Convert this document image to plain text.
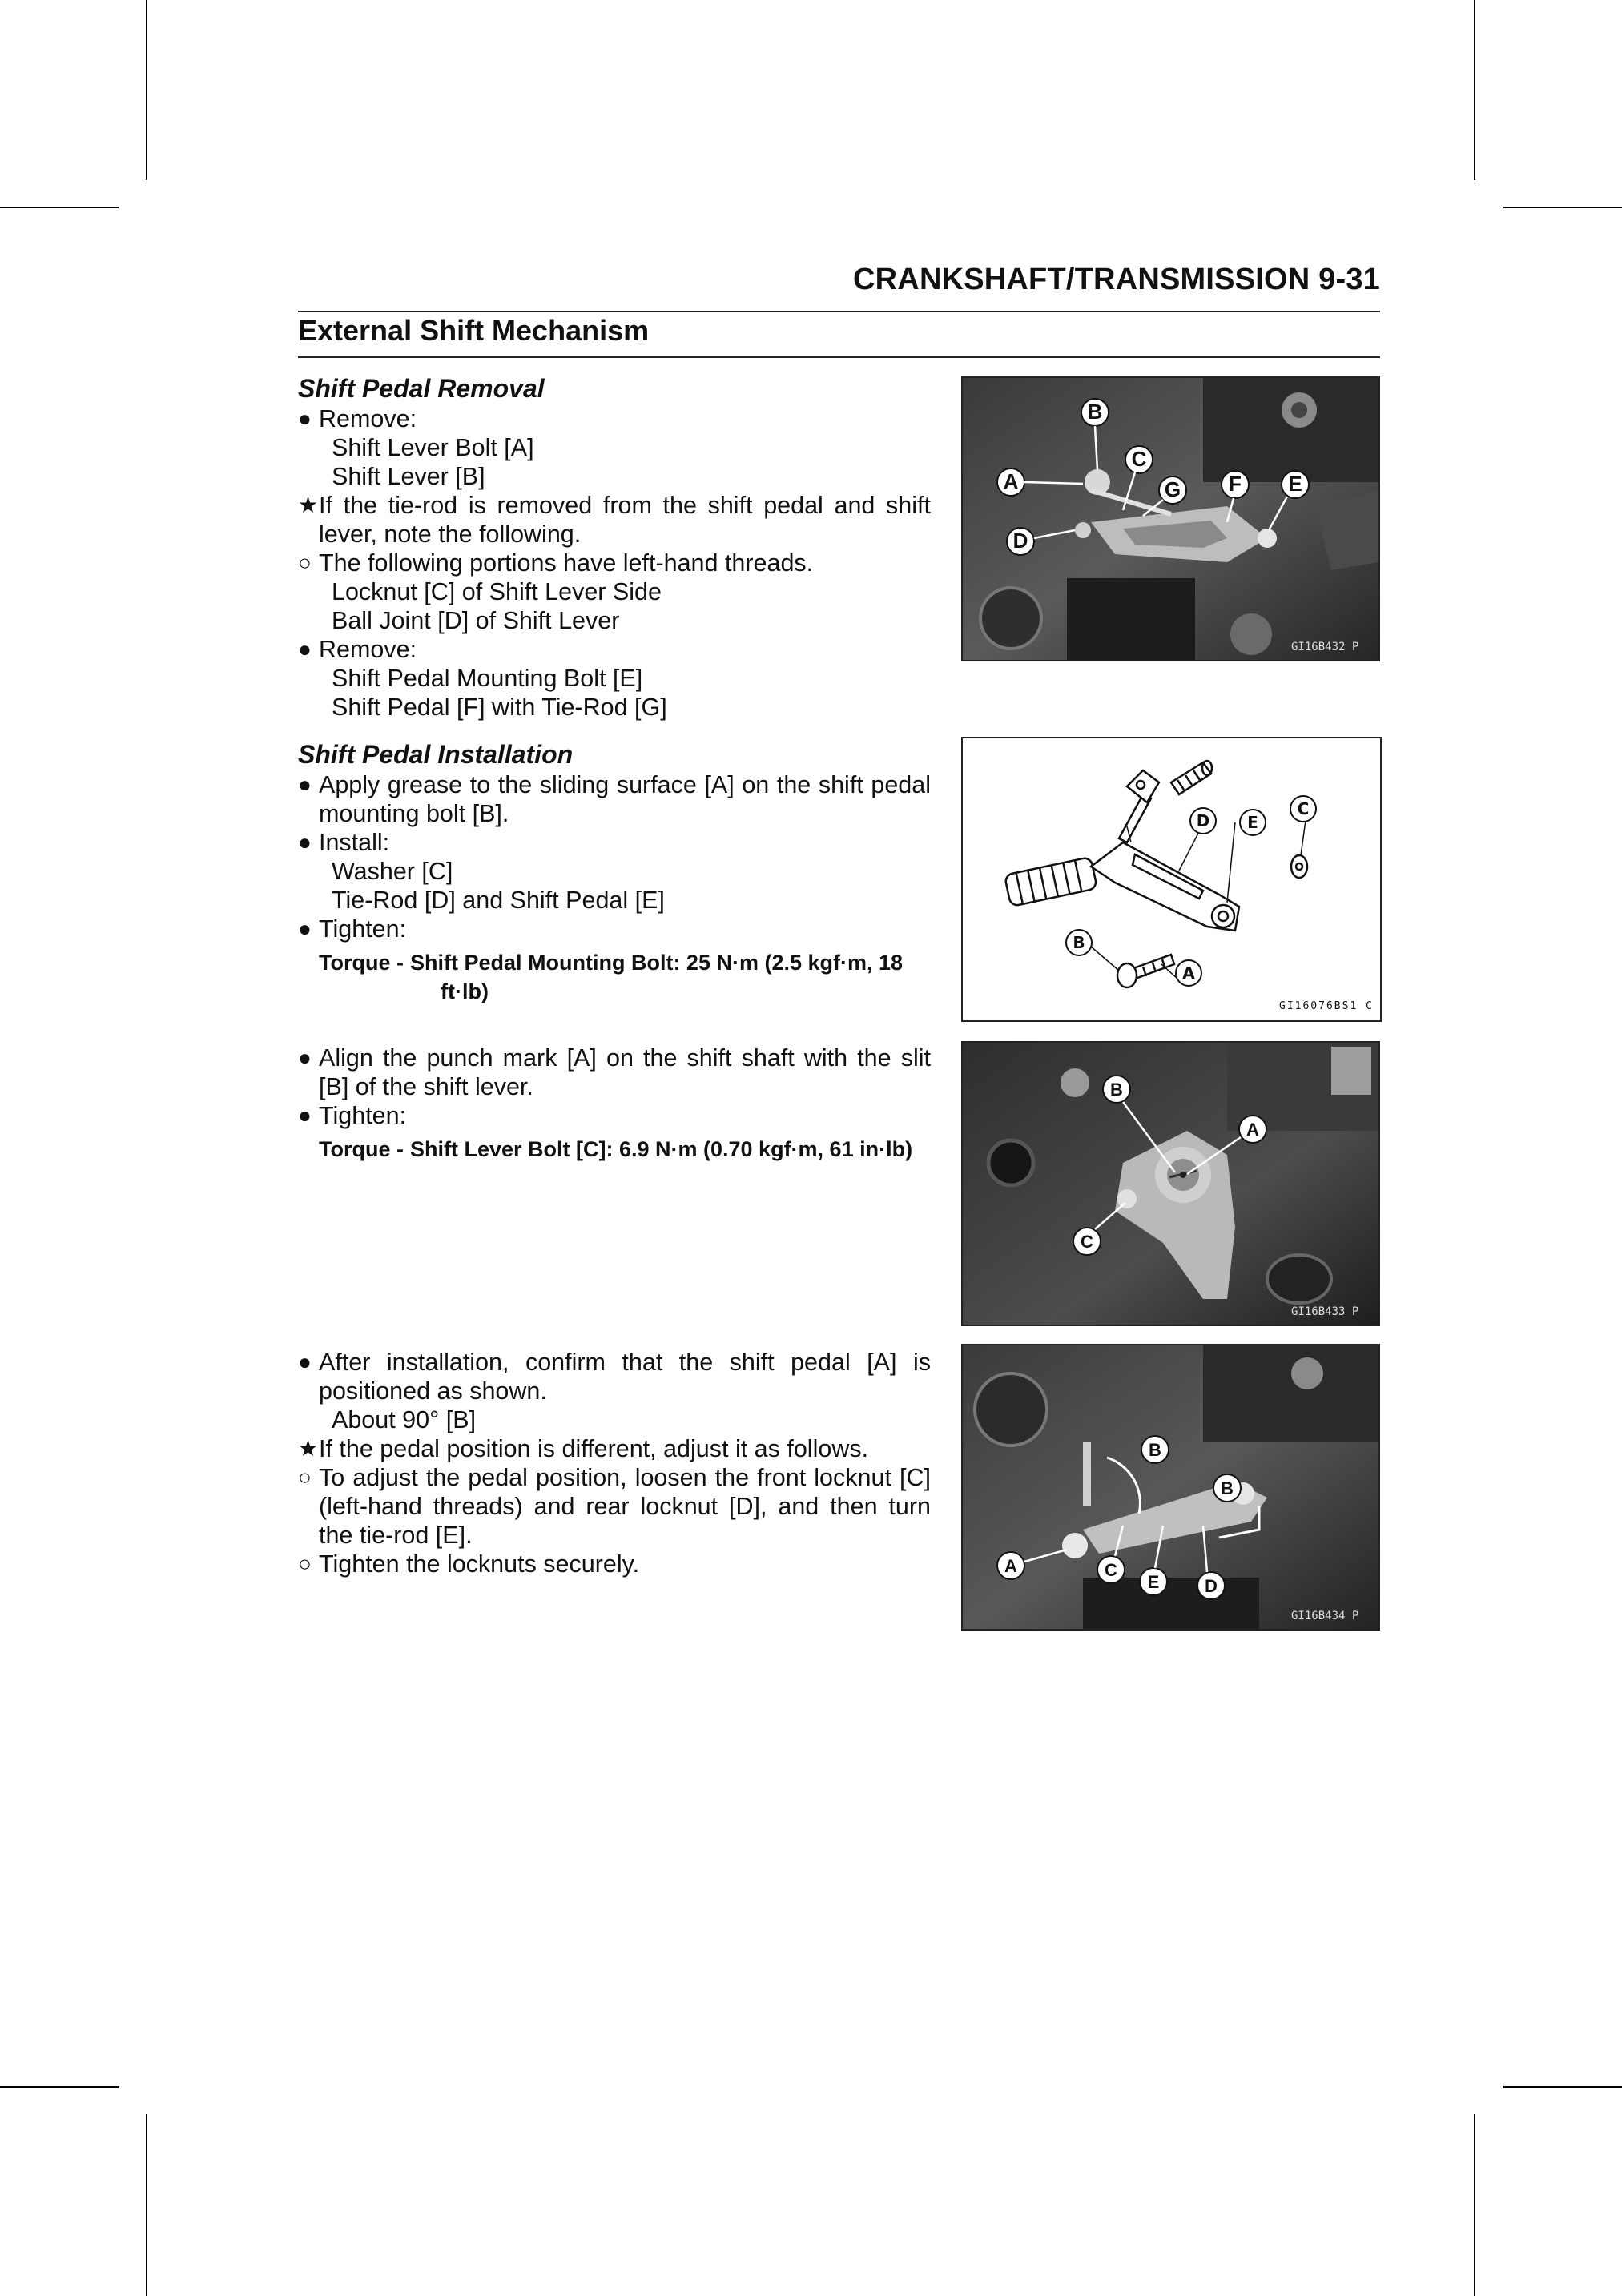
CRANKSHAFT/TRANSMISSION 9-31
External Shift Mechanism
Shift Pedal Removal
● Remove:
Shift Lever Bolt [A]
Shift Lever [B]
★ If the tie-rod is removed from the shift pedal and shift lever, note the following.
○ The following portions have left-hand threads.
Locknut [C] of Shift Lever Side
Ball Joint [D] of Shift Lever
● Remove:
Shift Pedal Mounting Bolt [E]
Shift Pedal [F] with Tie-Rod [G]
Shift Pedal Installation
● Apply grease to the sliding surface [A] on the shift pedal mounting bolt [B].
● Install:
Washer [C]
Tie-Rod [D] and Shift Pedal [E]
● Tighten:
Torque - Shift Pedal Mounting Bolt: 25 N·m (2.5 kgf·m, 18
ft·lb)
● Align the punch mark [A] on the shift shaft with the slit [B] of the shift lever.
● Tighten:
Torque - Shift Lever Bolt [C]: 6.9 N·m (0.70 kgf·m, 61 in·lb)
● After installation, confirm that the shift pedal [A] is positioned as shown.
About 90° [B]
★ If the pedal position is different, adjust it as follows.
○ To adjust the pedal position, loosen the front locknut [C] (left-hand threads) and rear locknut [D], and then turn the tie-rod [E].
○ Tighten the locknuts securely.
A
B
C
D
E
F
G
GI16B432 P
D E
C
B
A
GI16076BS1 C
B
A
C
GI16B433 P
A
B
B
C
E	D
GI16B434 P
